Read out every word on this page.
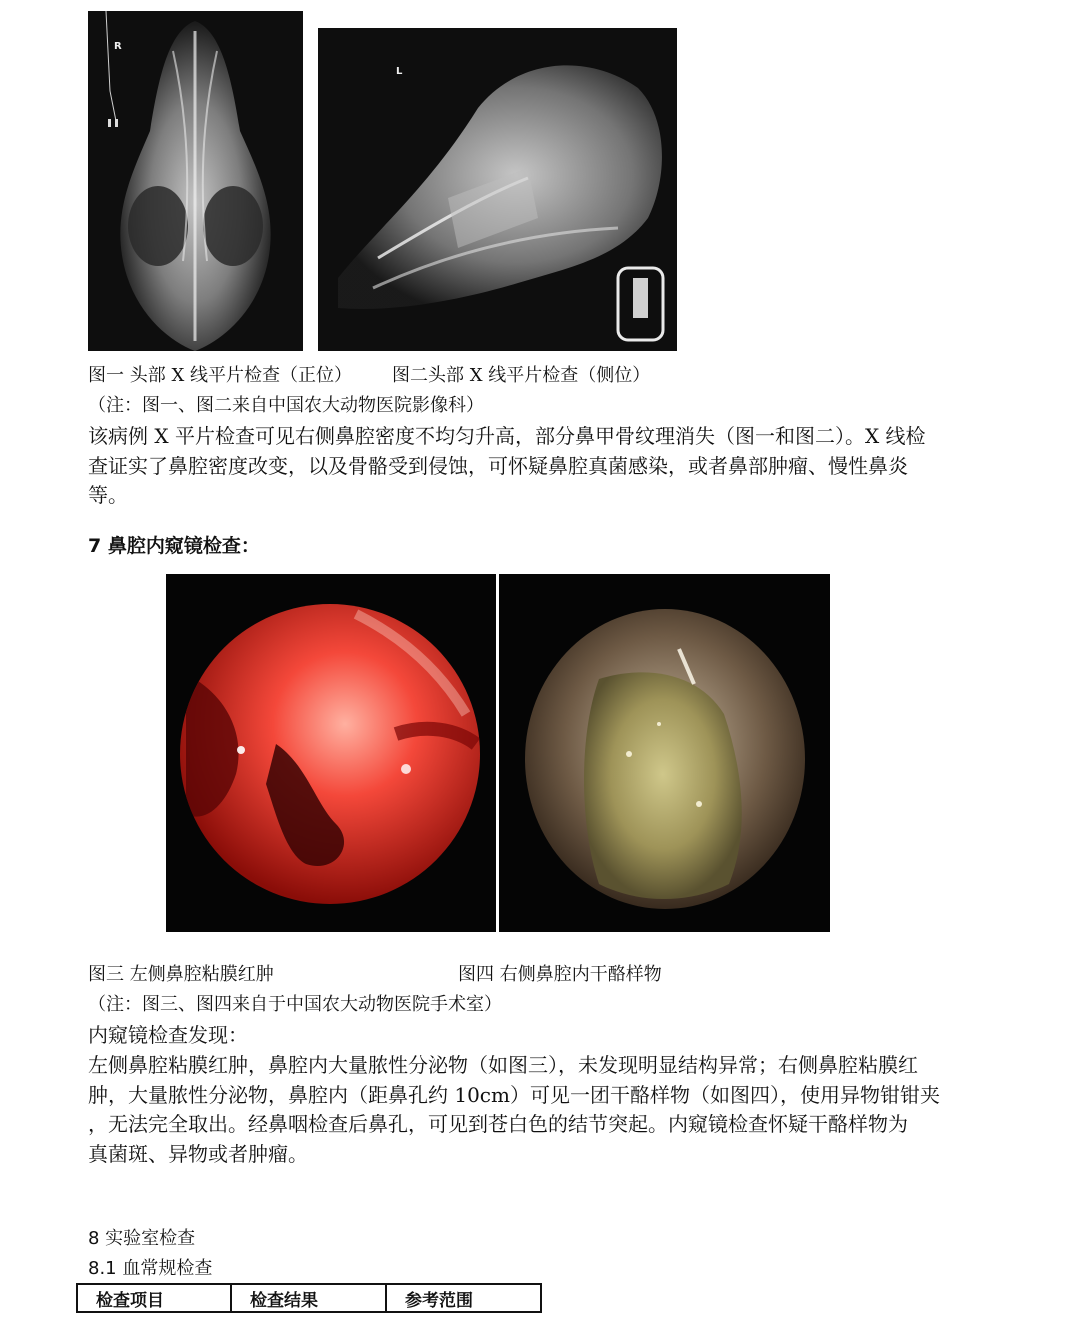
R
L
图一 头部 X 线平片检查（正位） 图二头部 X 线平片检查（侧位）
（注：图一、图二来自中国农大动物医院影像科）
该病例 X 平片检查可见右侧鼻腔密度不均匀升高，部分鼻甲骨纹理消失（图一和图二）。X 线检
查证实了鼻腔密度改变，以及骨骼受到侵蚀，可怀疑鼻腔真菌感染，或者鼻部肿瘤、慢性鼻炎
等。
7 鼻腔内窥镜检查：
图三 左侧鼻腔粘膜红肿	图四 右侧鼻腔内干酪样物
（注：图三、图四来自于中国农大动物医院手术室）
内窥镜检查发现：
左侧鼻腔粘膜红肿，鼻腔内大量脓性分泌物（如图三），未发现明显结构异常；右侧鼻腔粘膜红
肿，大量脓性分泌物，鼻腔内（距鼻孔约 10cm）可见一团干酪样物（如图四），使用异物钳钳夹
，无法完全取出。经鼻咽检查后鼻孔，可见到苍白色的结节突起。内窥镜检查怀疑干酪样物为
真菌斑、异物或者肿瘤。
8 实验室检查
8.1 血常规检查
检查项目	检查结果	参考范围
